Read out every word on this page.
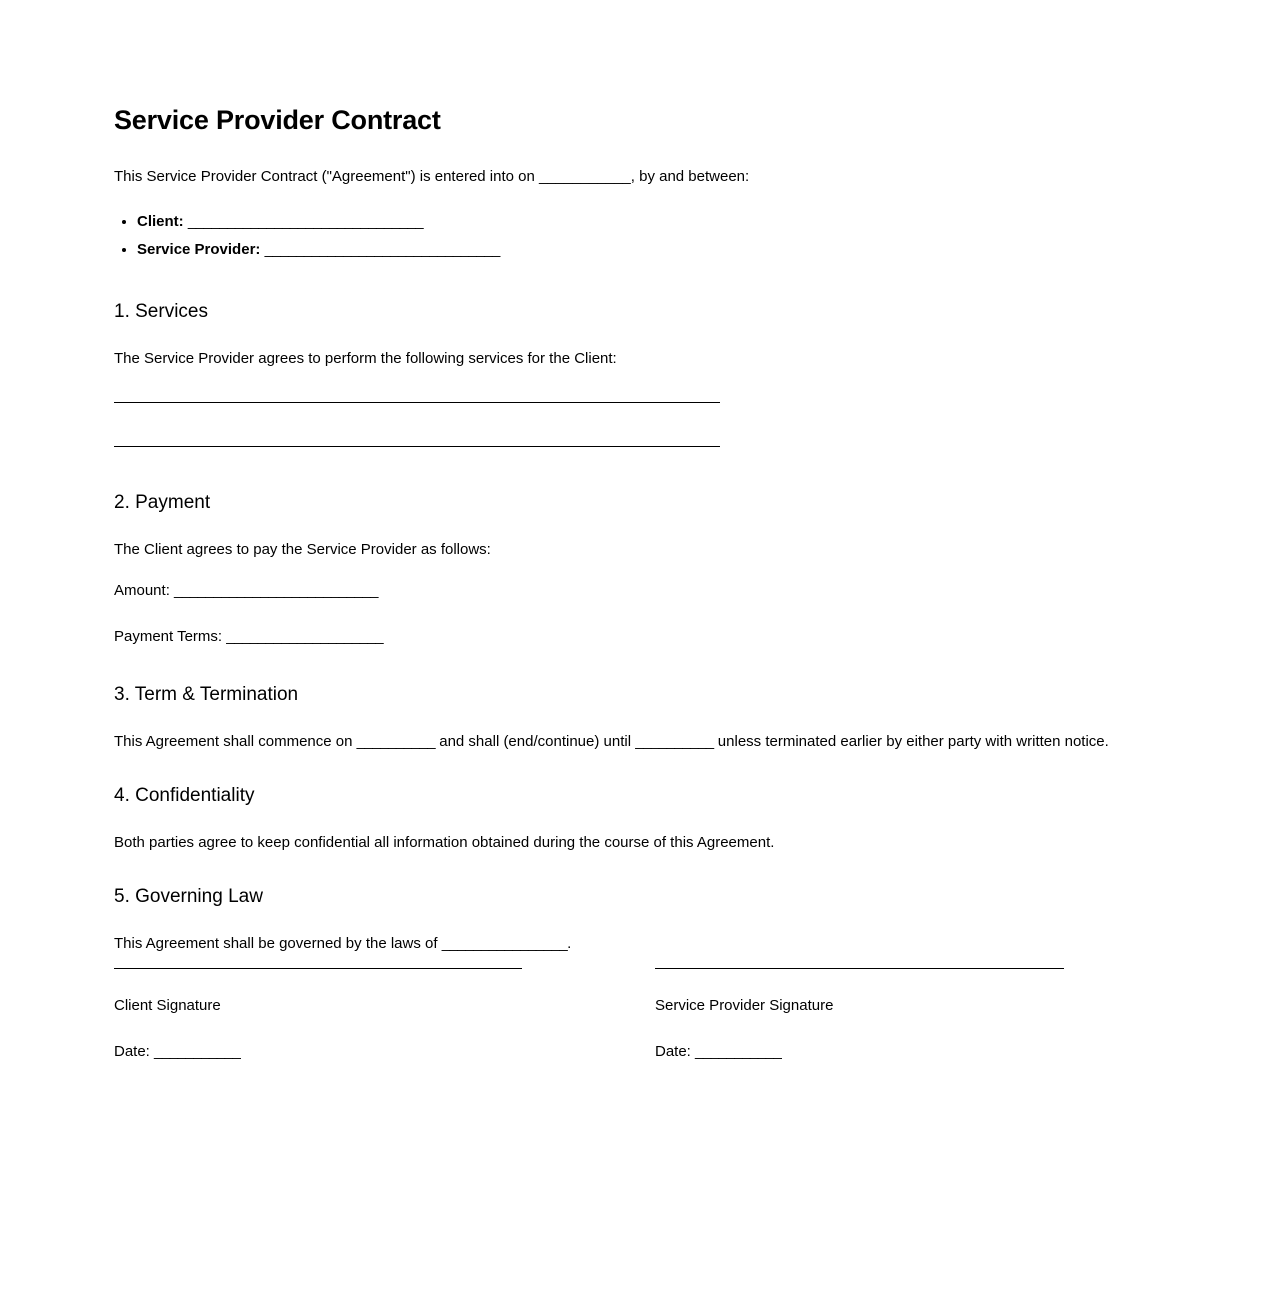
Service Provider Contract

This Service Provider Contract ("Agreement") is entered into on ___________, by and between:

• Client: ______________________________
• Service Provider: ______________________________
1. Services

The Service Provider agrees to perform the following services for the Client:

2. Payment

The Client agrees to pay the Service Provider as follows:

Amount: __________________________

Payment Terms: ____________________

3. Term & Termination

This Agreement shall commence on __________ and shall (end/continue) until __________ unless terminated earlier by either party with written notice.

4. Confidentiality

Both parties agree to keep confidential all information obtained during the course of this Agreement.

5. Governing Law

This Agreement shall be governed by the laws of ________________.

Client Signature

Date: ___________

Service Provider Signature

Date: ___________
